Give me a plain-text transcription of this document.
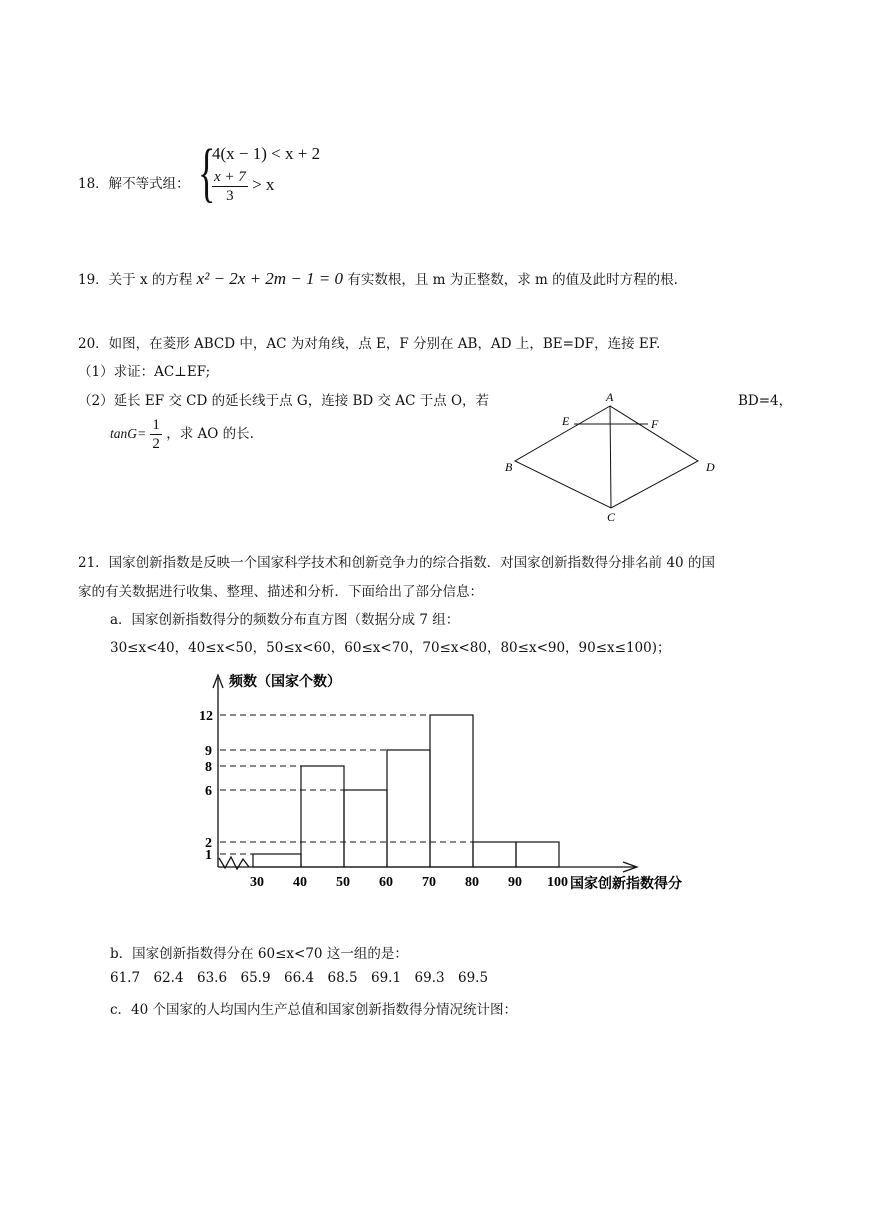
18．解不等式组： {
4(x − 1) < x + 2
$\frac{x + 7}{3} > x$
19．关于 x 的方程 x² − 2x + 2m − 1 = 0 有实数根，且 m 为正整数，求 m 的值及此时方程的根.
20．如图，在菱形 ABCD 中，AC 为对角线，点 E，F 分别在 AB，AD 上，BE=DF，连接 EF.
（1）求证：AC⊥EF;
（2）延长 EF 交 CD 的延长线于点 G，连接 BD 交 AC 于点 O，若	BD=4，
$\tan G= \frac{1}{2}$ ，求 AO 的长.
A
B
C
D
E	F
21．国家创新指数是反映一个国家科学技术和创新竞争力的综合指数．对国家创新指数得分排名前 40 的国
家的有关数据进行收集、整理、描述和分析．下面给出了部分信息：
a．国家创新指数得分的频数分布直方图（数据分成 7 组：
30≤x<40，40≤x<50，50≤x<60，60≤x<70，70≤x<80，80≤x<90，90≤x≤100)；
频数（国家个数）
国家创新指数得分
1
2
6
8
9
12
30 40 50 60 70 80 90 100
b．国家创新指数得分在 60≤x<70 这一组的是：
61.7 62.4 63.6 65.9 66.4 68.5 69.1 69.3 69.5
c．40 个国家的人均国内生产总值和国家创新指数得分情况统计图：
